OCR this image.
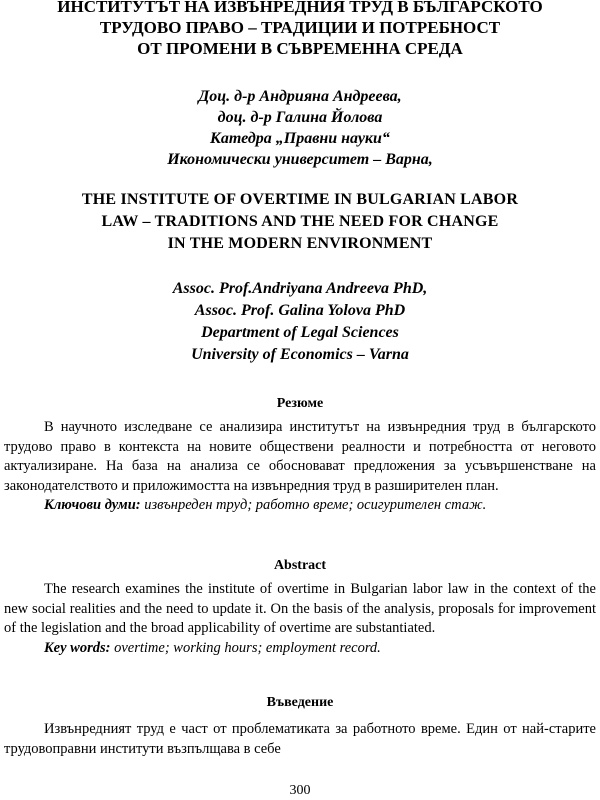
ИНСТИТУТЪТ НА ИЗВЪНРЕДНИЯ ТРУД В БЪЛГАРСКОТО
ТРУДОВО ПРАВО – ТРАДИЦИИ И ПОТРЕБНОСТ
ОТ ПРОМЕНИ В СЪВРЕМЕННА СРЕДА
Доц. д-р Андрияна Андреева,
доц. д-р Галина Йолова
Катедра „Правни науки“
Икономически университет – Варна,
THE INSTITUTE OF OVERTIME IN BULGARIAN LABOR
LAW – TRADITIONS AND THE NEED FOR CHANGE
IN THE MODERN ENVIRONMENT
Assoc. Prof.Andriyana Andreeva PhD,
Assoc. Prof. Galina Yolova PhD
Department of Legal Sciences
University of Economics – Varna
Резюме
В научното изследване се анализира институтът на извънредния труд в българското трудово право в контекста на новите обществени реалности и потребността от неговото актуализиране. На база на анализа се обосновават предложения за усъвършенстване на законодателството и приложимостта на извънредния труд в разширителен план.
Ключови думи: извънреден труд; работно време; осигурителен стаж.
Abstract
The research examines the institute of overtime in Bulgarian labor law in the context of the new social realities and the need to update it. On the basis of the analysis, proposals for improvement of the legislation and the broad applicability of overtime are substantiated.
Key words: overtime; working hours; employment record.
Въведение
Извънредният труд е част от проблематиката за работното време. Един от най-старите трудовоправни институти възпълщава в себе
300
